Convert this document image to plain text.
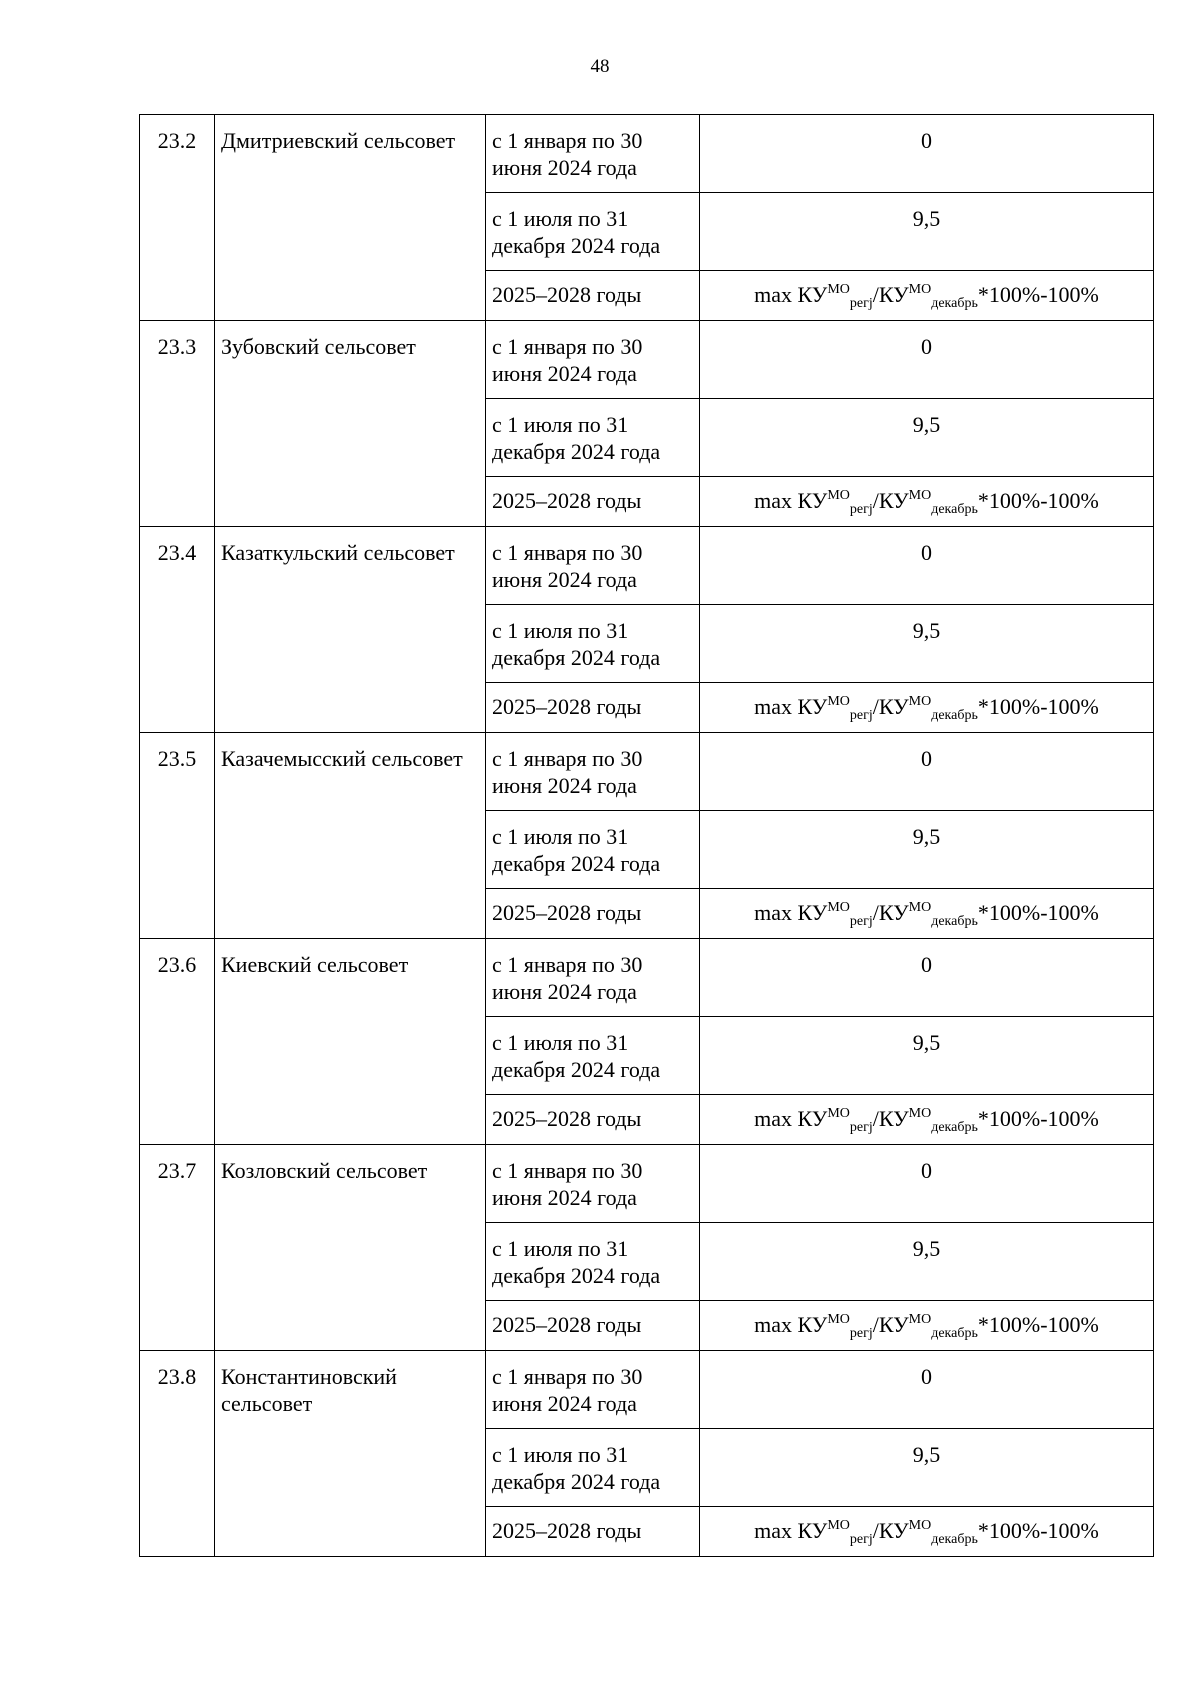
48
23.2	Дмитриевский сельсовет	с 1 января по 30 июня 2024 года	0
		с 1 июля по 31 декабря 2024 года	9,5
		2025–2028 годы	$\max КУ^{МО}_{регj}/КУ^{МО}_{декабрь}*100\%-100\%$
23.3	Зубовский сельсовет	с 1 января по 30 июня 2024 года	0
		с 1 июля по 31 декабря 2024 года	9,5
		2025–2028 годы	$\max КУ^{МО}_{регj}/КУ^{МО}_{декабрь}*100\%-100\%$
23.4	Казаткульский сельсовет	с 1 января по 30 июня 2024 года	0
		с 1 июля по 31 декабря 2024 года	9,5
		2025–2028 годы	$\max КУ^{МО}_{регj}/КУ^{МО}_{декабрь}*100\%-100\%$
23.5	Казачемысский сельсовет	с 1 января по 30 июня 2024 года	0
		с 1 июля по 31 декабря 2024 года	9,5
		2025–2028 годы	$\max КУ^{МО}_{регj}/КУ^{МО}_{декабрь}*100\%-100\%$
23.6	Киевский сельсовет	с 1 января по 30 июня 2024 года	0
		с 1 июля по 31 декабря 2024 года	9,5
		2025–2028 годы	$\max КУ^{МО}_{регj}/КУ^{МО}_{декабрь}*100\%-100\%$
23.7	Козловский сельсовет	с 1 января по 30 июня 2024 года	0
		с 1 июля по 31 декабря 2024 года	9,5
		2025–2028 годы	$\max КУ^{МО}_{регj}/КУ^{МО}_{декабрь}*100\%-100\%$
23.8	Константиновский сельсовет	с 1 января по 30 июня 2024 года	0
		с 1 июля по 31 декабря 2024 года	9,5
		2025–2028 годы	$\max КУ^{МО}_{регj}/КУ^{МО}_{декабрь}*100\%-100\%$
